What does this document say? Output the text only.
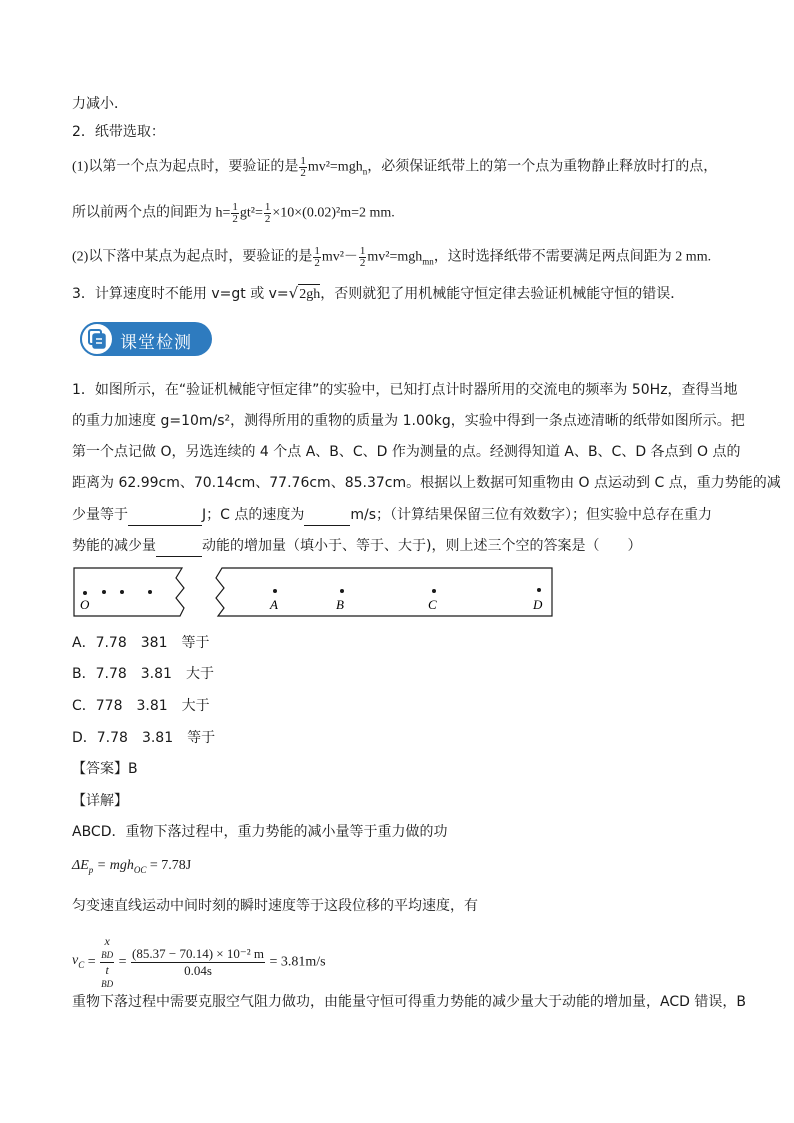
力减小．
2．纸带选取：
(1)以第一个点为起点时，要验证的是 $\frac{1}{2} mv^2=mgh_n$，必须保证纸带上的第一个点为重物静止释放时打的点，
所以前两个点的间距为 $h= \frac{1}{2} gt^2= \frac{1}{2} \times 10\times(0.02)^2m=2$ mm.
(2)以下落中某点为起点时，要验证的是 $\frac{1}{2} mv^2- \frac{1}{2} mv^2=mgh_{mn}$，这时选择纸带不需要满足两点间距为 2 mm.
3．计算速度时不能用 v=gt 或 v=√2gh，否则就犯了用机械能守恒定律去验证机械能守恒的错误．
课堂检测
1．如图所示，在“验证机械能守恒定律”的实验中，已知打点计时器所用的交流电的频率为 50Hz，查得当地
的重力加速度 g=10m/s²，测得所用的重物的质量为 1.00kg，实验中得到一条点迹清晰的纸带如图所示。把
第一个点记做 O，另选连续的 4 个点 A、B、C、D 作为测量的点。经测得知道 A、B、C、D 各点到 O 点的
距离为 62.99cm、70.14cm、77.76cm、85.37cm。根据以上数据可知重物由 O 点运动到 C 点，重力势能的减
少量等于	J；C 点的速度为	m/s；（计算结果保留三位有效数字）；但实验中总存在重力
势能的减少量	动能的增加量（填小于、等于、大于)，则上述三个空的答案是（　　）
O	A	B	C	D
A．7.78　381　等于
B．7.78　3.81　大于
C．778　3.81　大于
D．7.78　3.81　等于
【答案】B
【详解】
ABCD．重物下落过程中，重力势能的减小量等于重力做的功
$\Delta E_p = mgh_{OC} = 7.78J$
匀变速直线运动中间时刻的瞬时速度等于这段位移的平均速度，有
$v_C = x$
BD
t
BD = $\frac{\text{(85.37 − 70.14) × 10⁻² m}}{0.04s} = 3.81m/s$
重物下落过程中需要克服空气阻力做功，由能量守恒可得重力势能的减少量大于动能的增加量，ACD 错误，B
